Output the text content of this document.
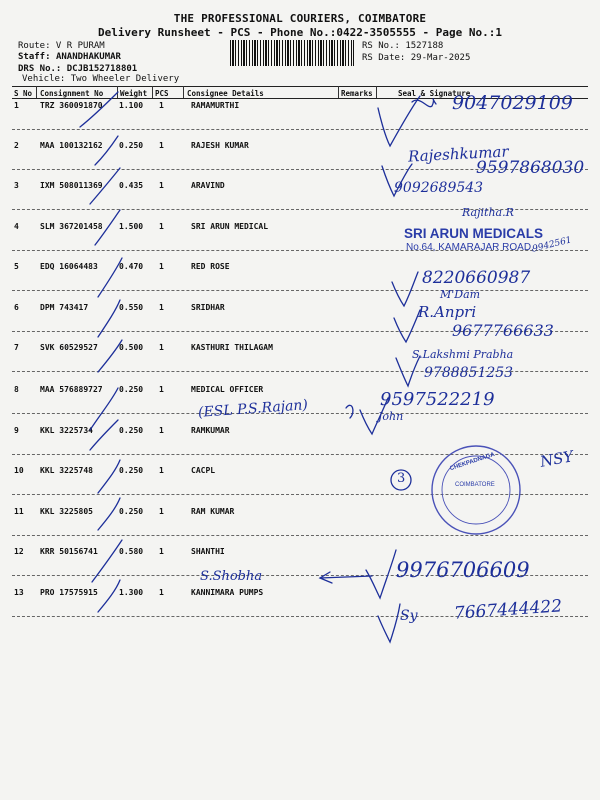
THE PROFESSIONAL COURIERS, COIMBATORE
Delivery Runsheet - PCS - Phone No.:0422-3505555 - Page No.:1
Route: V R PURAM
Staff: ANANDHAKUMAR
DRS No.: DCJB152718801
Vehicle: Two Wheeler Delivery
RS No.: 1527188
RS Date: 29-Mar-2025
S No Consignment No Weight PCS Consignee Details	Remarks	Seal & Signature
1	TRZ 360091870 1.100 1	RAMAMURTHI
2	MAA 100132162 0.250 1	RAJESH KUMAR
3	IXM 508011369 0.435 1	ARAVIND
4	SLM 367201458 1.500 1	SRI ARUN MEDICAL
5	EDQ 16064483	0.470 1	RED ROSE
6	DPM 743417	0.550 1	SRIDHAR
7	SVK 60529527	0.500 1	KASTHURI THILAGAM
8	MAA 576889727 0.250 1	MEDICAL OFFICER
9	KKL 3225734	0.250 1	RAMKUMAR
10 KKL 3225748	0.250 1	CACPL
11 KKL 3225805	0.250 1	RAM KUMAR
12 KRR 50156741	0.580 1	SHANTHI
13 PRO 17575915	1.300 1	KANNIMARA PUMPS
9047029109
Rajeshkumar
9597868030
9092689543
Rajitha.R
SRI ARUN MEDICALS
No.64, KAMARAJAR ROAD,
9942561
8220660987
M'Dam
R.Anpri
9677766633
S.Lakshmi Prabha
9788851253
(ESL P.S.Rajan)	9597522219
John
3
NSY
S.Shobha	9976706609
Sy 7667444422
CHEKPADNAGA
COIMBATORE
